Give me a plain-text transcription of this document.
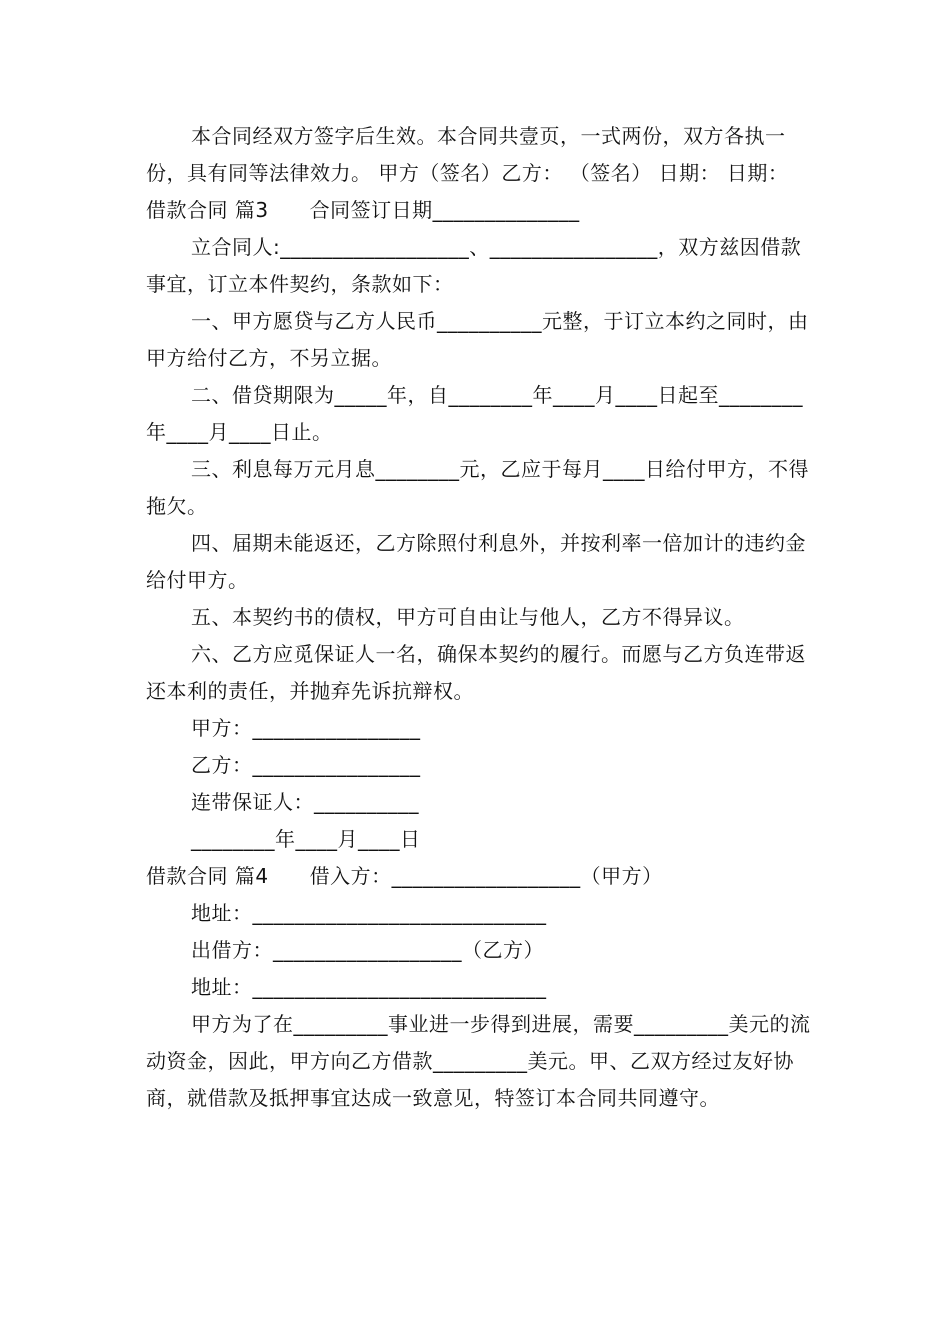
本合同经双方签字后生效。本合同共壹页，一式两份，双方各执一份，具有同等法律效力。 甲方（签名）乙方： （签名） 日期： 日期：

借款合同 篇3　　合同签订日期______________

立合同人:__________________、________________，双方兹因借款事宜，订立本件契约，条款如下：

一、甲方愿贷与乙方人民币__________元整，于订立本约之同时，由甲方给付乙方，不另立据。

二、借贷期限为_____年，自________年____月____日起至________年____月____日止。

三、利息每万元月息________元，乙应于每月____日给付甲方，不得拖欠。

四、届期未能返还，乙方除照付利息外，并按利率一倍加计的违约金给付甲方。

五、本契约书的债权，甲方可自由让与他人，乙方不得异议。

六、乙方应觅保证人一名，确保本契约的履行。而愿与乙方负连带返还本利的责任，并抛弃先诉抗辩权。

甲方：________________

乙方：________________

连带保证人：__________

________年____月____日

借款合同 篇4　　借入方：__________________（甲方）

地址：____________________________

出借方：__________________（乙方）

地址：____________________________

甲方为了在_________事业进一步得到进展，需要_________美元的流动资金，因此，甲方向乙方借款_________美元。甲、乙双方经过友好协商，就借款及抵押事宜达成一致意见，特签订本合同共同遵守。
